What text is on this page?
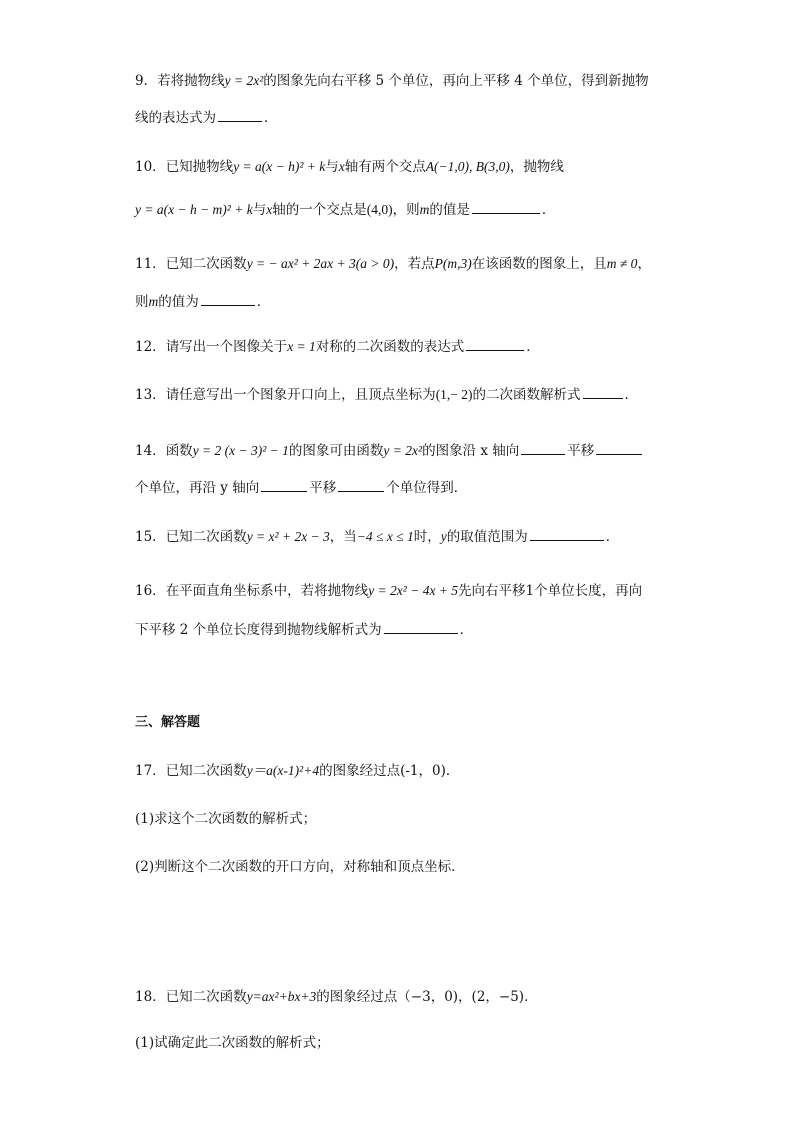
9．若将抛物线y = 2x²的图象先向右平移 5 个单位，再向上平移 4 个单位，得到新抛物
线的表达式为	．
10．已知抛物线y = a(x − h)² + k与x轴有两个交点A(−1,0), B(3,0)，抛物线
y = a(x − h − m)² + k与x轴的一个交点是(4,0)，则m的值是	．
11．已知二次函数y = − ax² + 2ax + 3(a > 0)，若点P(m,3)在该函数的图象上，且m ≠ 0，
则m的值为	．
12．请写出一个图像关于x = 1对称的二次函数的表达式	．
13．请任意写出一个图象开口向上，且顶点坐标为(1,− 2)的二次函数解析式	．
14．函数y = 2 (x − 3)² − 1的图象可由函数y = 2x²的图象沿 x 轴向	平移
个单位，再沿 y 轴向	平移	个单位得到．
15．已知二次函数y = x² + 2x − 3，当−4 ≤ x ≤ 1时，y的取值范围为	．
16．在平面直角坐标系中，若将抛物线y = 2x² − 4x + 5先向右平移1个单位长度，再向
下平移 2 个单位长度得到抛物线解析式为	．
三、解答题
17．已知二次函数y＝a(x-1)²+4的图象经过点(-1，0)．
(1)求这个二次函数的解析式；
(2)判断这个二次函数的开口方向，对称轴和顶点坐标．
18．已知二次函数y=ax²+bx+3的图象经过点（−3，0)，(2，−5)．
(1)试确定此二次函数的解析式；
